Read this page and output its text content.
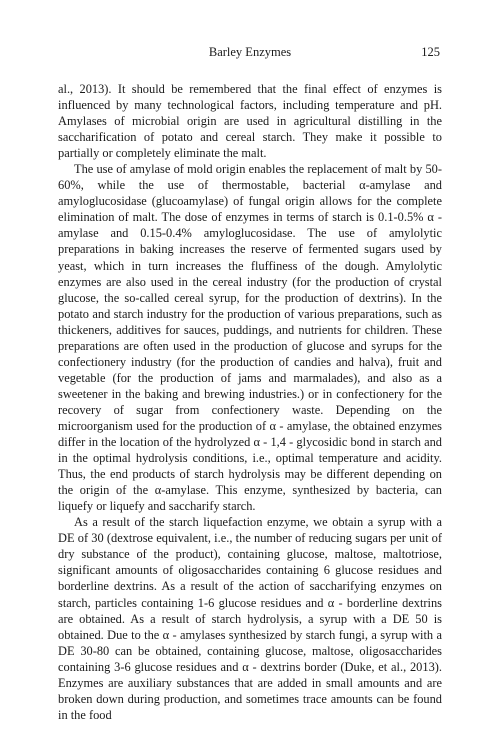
Barley Enzymes	125

al., 2013). It should be remembered that the final effect of enzymes is influenced by many technological factors, including temperature and pH. Amylases of microbial origin are used in agricultural distilling in the saccharification of potato and cereal starch. They make it possible to partially or completely eliminate the malt.

The use of amylase of mold origin enables the replacement of malt by 50-60%, while the use of thermostable, bacterial α-amylase and amyloglucosidase (glucoamylase) of fungal origin allows for the complete elimination of malt. The dose of enzymes in terms of starch is 0.1-0.5% α - amylase and 0.15-0.4% amyloglucosidase. The use of amylolytic preparations in baking increases the reserve of fermented sugars used by yeast, which in turn increases the fluffiness of the dough. Amylolytic enzymes are also used in the cereal industry (for the production of crystal glucose, the so-called cereal syrup, for the production of dextrins). In the potato and starch industry for the production of various preparations, such as thickeners, additives for sauces, puddings, and nutrients for children. These preparations are often used in the production of glucose and syrups for the confectionery industry (for the production of candies and halva), fruit and vegetable (for the production of jams and marmalades), and also as a sweetener in the baking and brewing industries.) or in confectionery for the recovery of sugar from confectionery waste. Depending on the microorganism used for the production of α - amylase, the obtained enzymes differ in the location of the hydrolyzed α - 1,4 - glycosidic bond in starch and in the optimal hydrolysis conditions, i.e., optimal temperature and acidity. Thus, the end products of starch hydrolysis may be different depending on the origin of the α-amylase. This enzyme, synthesized by bacteria, can liquefy or liquefy and saccharify starch.

As a result of the starch liquefaction enzyme, we obtain a syrup with a DE of 30 (dextrose equivalent, i.e., the number of reducing sugars per unit of dry substance of the product), containing glucose, maltose, maltotriose, significant amounts of oligosaccharides containing 6 glucose residues and borderline dextrins. As a result of the action of saccharifying enzymes on starch, particles containing 1-6 glucose residues and α - borderline dextrins are obtained. As a result of starch hydrolysis, a syrup with a DE 50 is obtained. Due to the α - amylases synthesized by starch fungi, a syrup with a DE 30-80 can be obtained, containing glucose, maltose, oligosaccharides containing 3-6 glucose residues and α - dextrins border (Duke, et al., 2013). Enzymes are auxiliary substances that are added in small amounts and are broken down during production, and sometimes trace amounts can be found in the food
